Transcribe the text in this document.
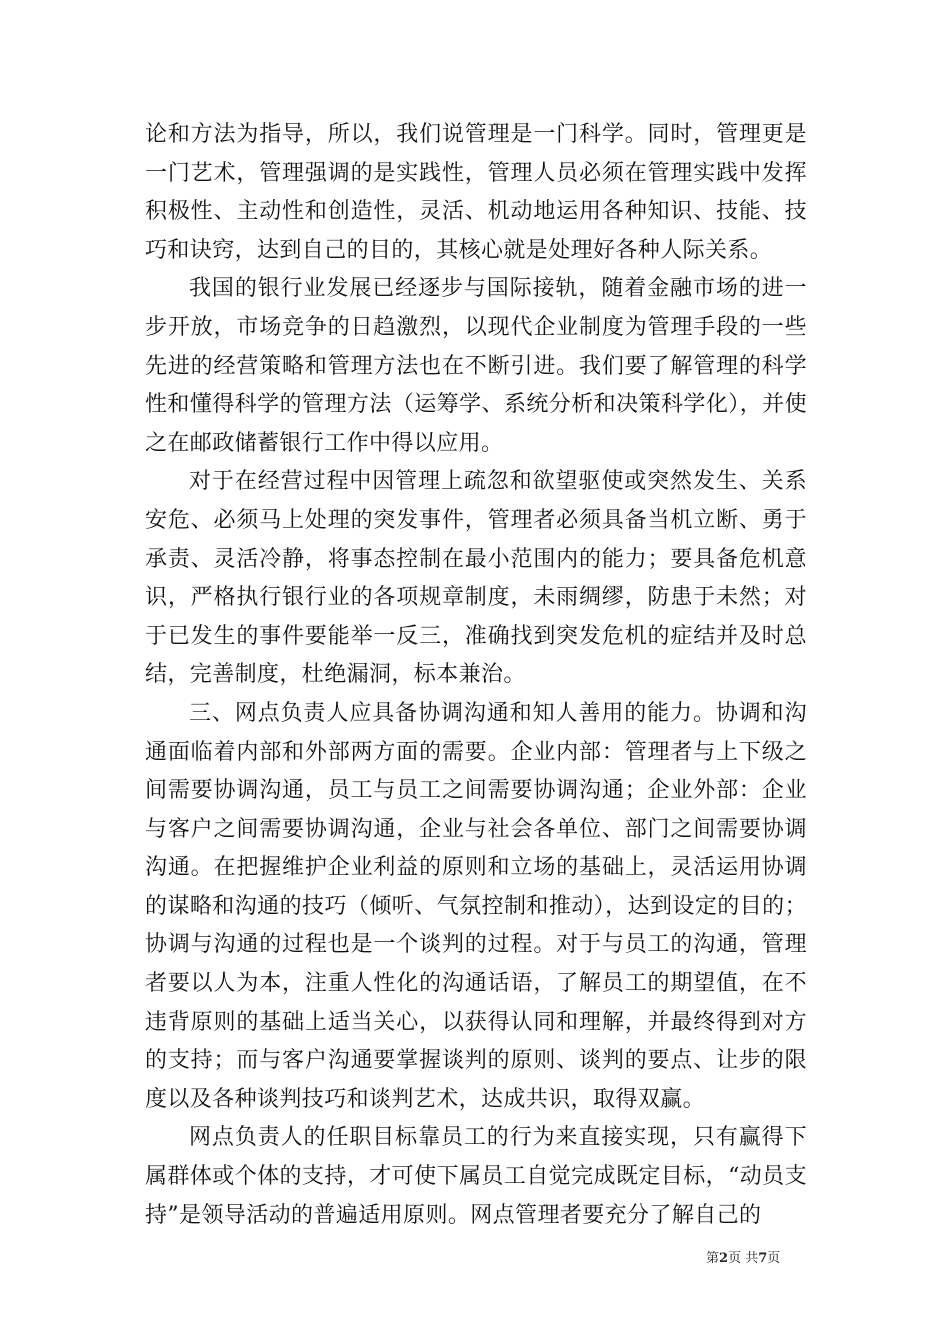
论和方法为指导，所以，我们说管理是一门科学。同时，管理更是一门艺术，管理强调的是实践性，管理人员必须在管理实践中发挥积极性、主动性和创造性，灵活、机动地运用各种知识、技能、技巧和诀窍，达到自己的目的，其核心就是处理好各种人际关系。

我国的银行业发展已经逐步与国际接轨，随着金融市场的进一步开放，市场竞争的日趋激烈，以现代企业制度为管理手段的一些先进的经营策略和管理方法也在不断引进。我们要了解管理的科学性和懂得科学的管理方法（运筹学、系统分析和决策科学化），并使之在邮政储蓄银行工作中得以应用。

对于在经营过程中因管理上疏忽和欲望驱使或突然发生、关系安危、必须马上处理的突发事件，管理者必须具备当机立断、勇于承责、灵活冷静，将事态控制在最小范围内的能力；要具备危机意识，严格执行银行业的各项规章制度，未雨绸缪，防患于未然；对于已发生的事件要能举一反三，准确找到突发危机的症结并及时总结，完善制度，杜绝漏洞，标本兼治。

三、网点负责人应具备协调沟通和知人善用的能力。协调和沟通面临着内部和外部两方面的需要。企业内部：管理者与上下级之间需要协调沟通，员工与员工之间需要协调沟通；企业外部：企业与客户之间需要协调沟通，企业与社会各单位、部门之间需要协调沟通。在把握维护企业利益的原则和立场的基础上，灵活运用协调的谋略和沟通的技巧（倾听、气氛控制和推动），达到设定的目的；协调与沟通的过程也是一个谈判的过程。对于与员工的沟通，管理者要以人为本，注重人性化的沟通话语，了解员工的期望值，在不违背原则的基础上适当关心，以获得认同和理解，并最终得到对方的支持；而与客户沟通要掌握谈判的原则、谈判的要点、让步的限度以及各种谈判技巧和谈判艺术，达成共识，取得双赢。

网点负责人的任职目标靠员工的行为来直接实现，只有赢得下属群体或个体的支持，才可使下属员工自觉完成既定目标，“动员支持”是领导活动的普遍适用原则。网点管理者要充分了解自己的

第2页 共7页
